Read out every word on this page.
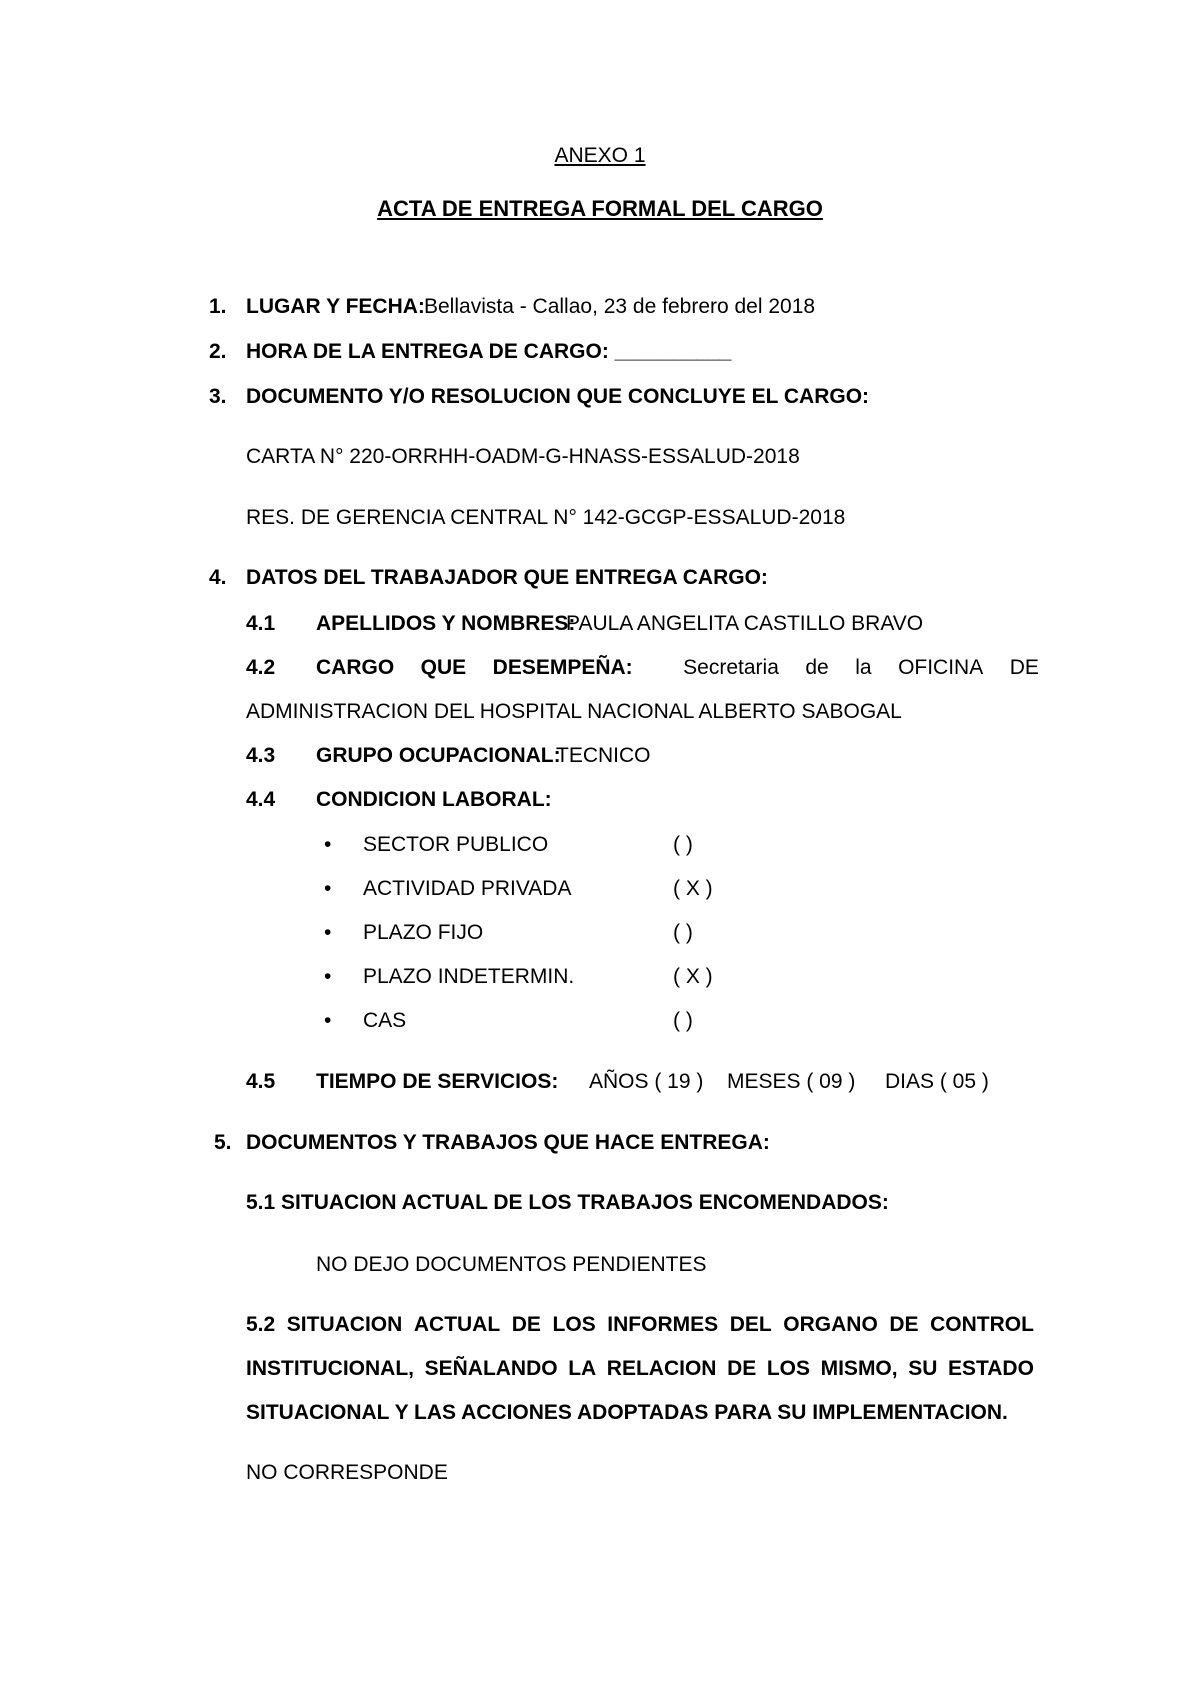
ANEXO 1
ACTA DE ENTREGA FORMAL DEL CARGO
1. LUGAR Y FECHA: Bellavista - Callao, 23 de febrero del 2018
2. HORA DE LA ENTREGA DE CARGO: __________
3. DOCUMENTO Y/O RESOLUCION QUE CONCLUYE EL CARGO:
CARTA N° 220-ORRHH-OADM-G-HNASS-ESSALUD-2018
RES. DE GERENCIA CENTRAL N° 142-GCGP-ESSALUD-2018
4. DATOS DEL TRABAJADOR QUE ENTREGA CARGO:
4.1 APELLIDOS Y NOMBRES:
PAULA ANGELITA CASTILLO BRAVO
4.2 CARGO QUE DESEMPEÑA: Secretaria de la OFICINA DE
ADMINISTRACION DEL HOSPITAL NACIONAL ALBERTO SABOGAL
4.3 GRUPO OCUPACIONAL:
TECNICO
4.4 CONDICION LABORAL:
• SECTOR PUBLICO	( )
• ACTIVIDAD PRIVADA	( X )
• PLAZO FIJO	( )
• PLAZO INDETERMIN.	( X )
• CAS	( )
4.5 TIEMPO DE SERVICIOS: AÑOS ( 19 ) MESES ( 09 ) DIAS ( 05 )
5. DOCUMENTOS Y TRABAJOS QUE HACE ENTREGA:
5.1 SITUACION ACTUAL DE LOS TRABAJOS ENCOMENDADOS:
NO DEJO DOCUMENTOS PENDIENTES
5.2 SITUACION ACTUAL DE LOS INFORMES DEL ORGANO DE CONTROL
INSTITUCIONAL, SEÑALANDO LA RELACION DE LOS MISMO, SU ESTADO
SITUACIONAL Y LAS ACCIONES ADOPTADAS PARA SU IMPLEMENTACION.
NO CORRESPONDE
